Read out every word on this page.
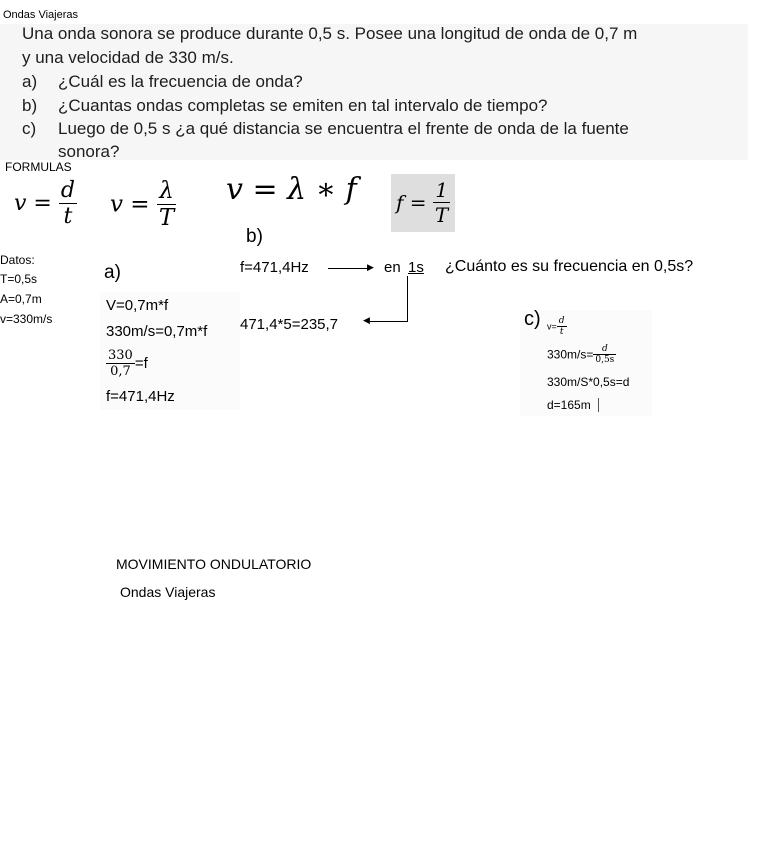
Ondas Viajeras
Una onda sonora se produce durante 0,5 s. Posee una longitud de onda de 0,7 m
y una velocidad de 330 m/s.
a) ¿Cuál es la frecuencia de onda?
b) ¿Cuantas ondas completas se emiten en tal intervalo de tiempo?
c) Luego de 0,5 s ¿a qué distancia se encuentra el frente de onda de la fuente
sonora?
FORMULAS
$v = \frac{d}{t}$ $v = \frac{\lambda}{T}$ v = λ ∗ f $f = \frac{1}{T}$
Datos:
T=0,5s
A=0,7m
v=330m/s
a)
V=0,7m*f
330m/s=0,7m*f
$\frac{330}{0,7} =f$
f=471,4Hz
b)
f=471,4Hz	▶ en 1s ¿Cuánto es su frecuencia en 0,5s?
◀
471,4*5=235,7	c) $v= \frac{d}{t}$
$330m/s= \frac{d}{0,5s}$
330m/S*0,5s=d
d=165m
MOVIMIENTO ONDULATORIO
Ondas Viajeras
